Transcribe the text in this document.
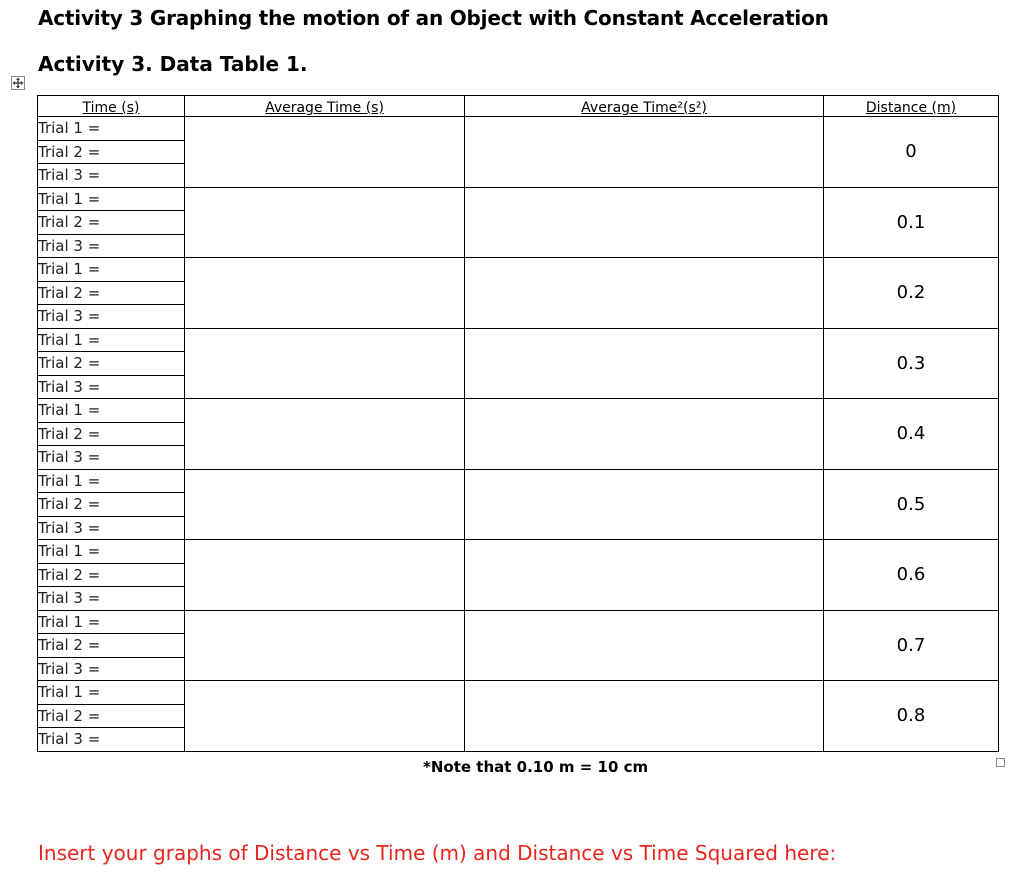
Activity 3 Graphing the motion of an Object with Constant Acceleration
Activity 3. Data Table 1.
Time (s)	Average Time (s)	Average Time²(s²)	Distance (m)
Trial 1 =			0
Trial 2 =			
Trial 3 =			
Trial 1 =			0.1
Trial 2 =			
Trial 3 =			
Trial 1 =			0.2
Trial 2 =			
Trial 3 =			
Trial 1 =			0.3
Trial 2 =			
Trial 3 =			
Trial 1 =			0.4
Trial 2 =			
Trial 3 =			
Trial 1 =			0.5
Trial 2 =			
Trial 3 =			
Trial 1 =			0.6
Trial 2 =			
Trial 3 =			
Trial 1 =			0.7
Trial 2 =			
Trial 3 =			
Trial 1 =			0.8
Trial 2 =			
Trial 3 =			
*Note that 0.10 m = 10 cm
Insert your graphs of Distance vs Time (m) and Distance vs Time Squared here:
